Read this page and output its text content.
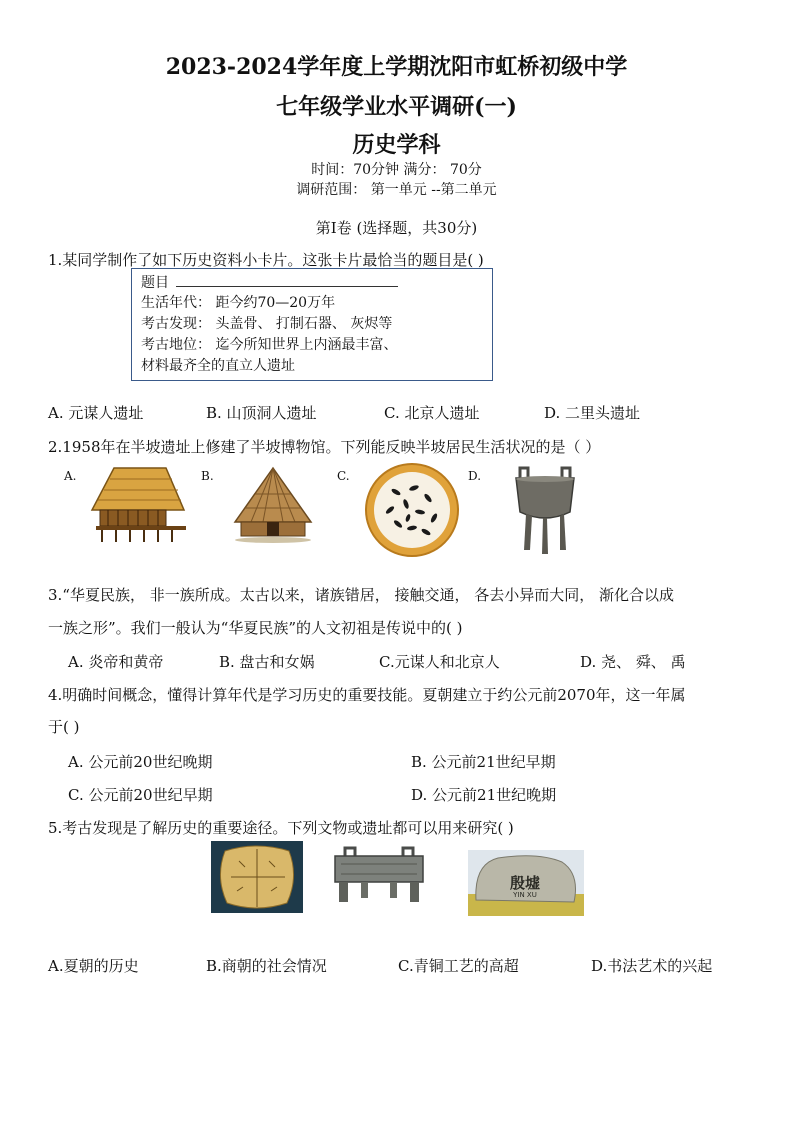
2023-2024学年度上学期沈阳市虹桥初级中学
七年级学业水平调研(一)
历史学科
时间：70分钟 满分： 70分
调研范围： 第一单元 --第二单元
第Ⅰ卷 (选择题，共30分)
1.某同学制作了如下历史资料小卡片。这张卡片最恰当的题目是( )
题目
生活年代： 距今约70—20万年
考古发现： 头盖骨、 打制石器、 灰烬等
考古地位： 迄今所知世界上内涵最丰富、
材料最齐全的直立人遗址
A. 元谋人遗址	B. 山顶洞人遗址	C. 北京人遗址	D. 二里头遗址
2.1958年在半坡遗址上修建了半坡博物馆。下列能反映半坡居民生活状况的是（ ）
A.	B.	C.	D.
3.“华夏民族， 非一族所成。太古以来，诸族错居， 接触交通， 各去小异而大同， 渐化合以成
一族之形”。我们一般认为“华夏民族”的人文初祖是传说中的( )
A. 炎帝和黄帝	B. 盘古和女娲	C.元谋人和北京人	D. 尧、 舜、 禹
4.明确时间概念，懂得计算年代是学习历史的重要技能。夏朝建立于约公元前2070年，这一年属
于( )
A. 公元前20世纪晚期	B. 公元前21世纪早期
C. 公元前20世纪早期	D. 公元前21世纪晚期
5.考古发现是了解历史的重要途径。下列文物或遗址都可以用来研究( )
殷墟
YIN XU
A.夏朝的历史	B.商朝的社会情况	C.青铜工艺的高超	D.书法艺术的兴起
